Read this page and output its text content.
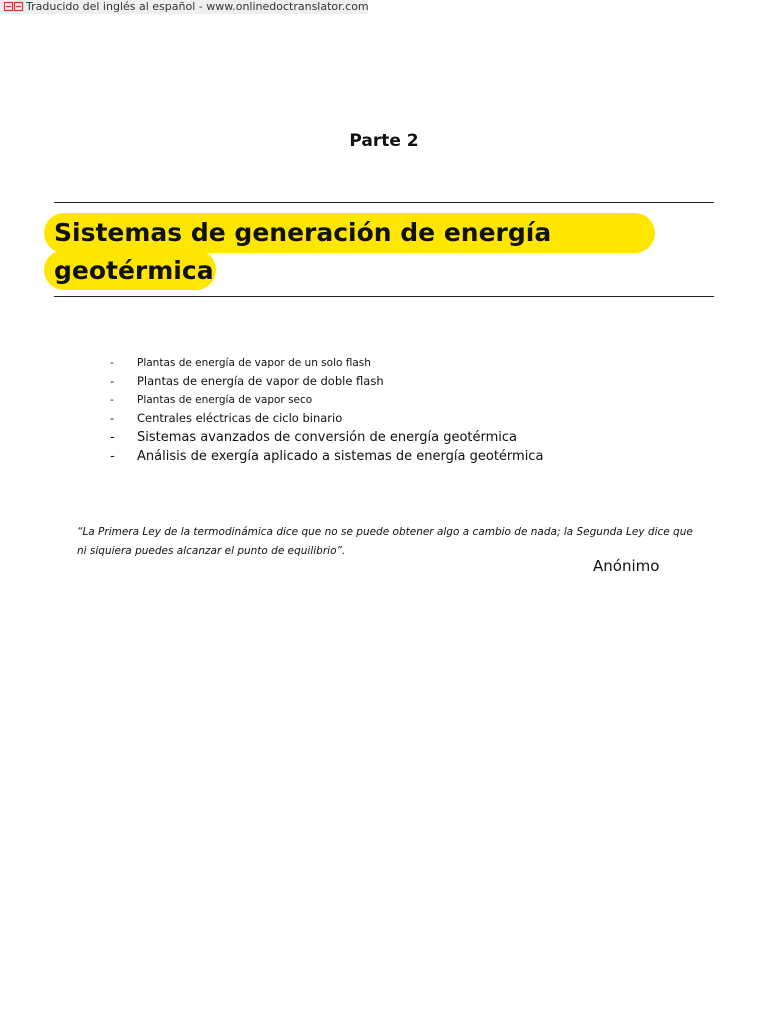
Traducido del inglés al español - www.onlinedoctranslator.com
Parte 2
Sistemas de generación de energía geotérmica
- Plantas de energía de vapor de un solo flash
- Plantas de energía de vapor de doble flash
- Plantas de energía de vapor seco
- Centrales eléctricas de ciclo binario
- Sistemas avanzados de conversión de energía geotérmica
- Análisis de exergía aplicado a sistemas de energía geotérmica

“La Primera Ley de la termodinámica dice que no se puede obtener algo a cambio de nada; la Segunda Ley dice que ni siquiera puedes alcanzar el punto de equilibrio”.

Anónimo
